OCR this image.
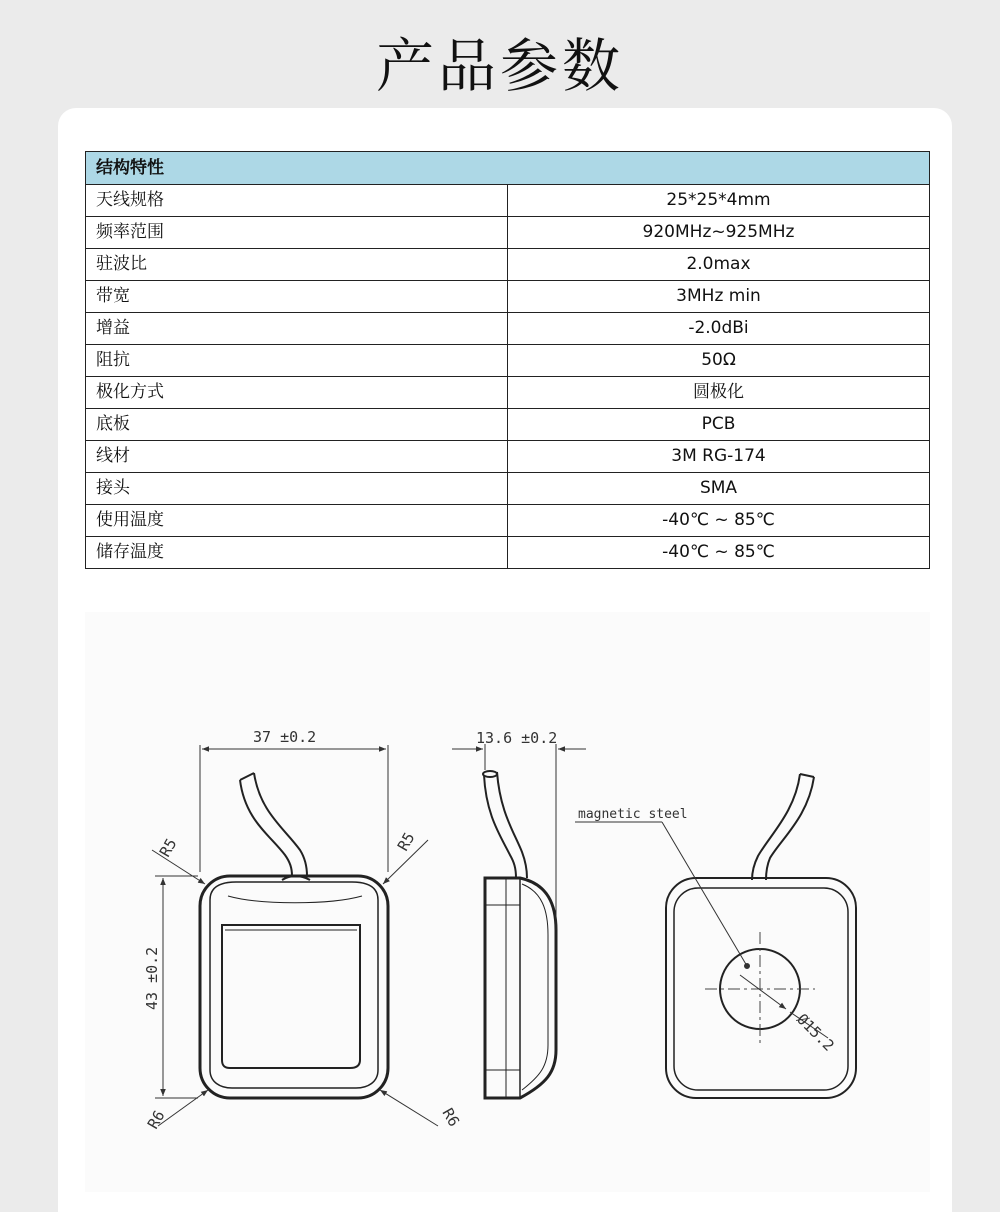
产品参数
结构特性	
天线规格	25*25*4mm
频率范围	920MHz~925MHz
驻波比	2.0max
带宽	3MHz min
增益	-2.0dBi
阻抗	50Ω
极化方式	圆极化
底板	PCB
线材	3M RG-174
接头	SMA
使用温度	-40℃ ~ 85℃
储存温度	-40℃ ~ 85℃
37 ±0.2
43 ±0.2
R5	R5
R6	R6
13.6 ±0.2
magnetic steel
Ø15.2
